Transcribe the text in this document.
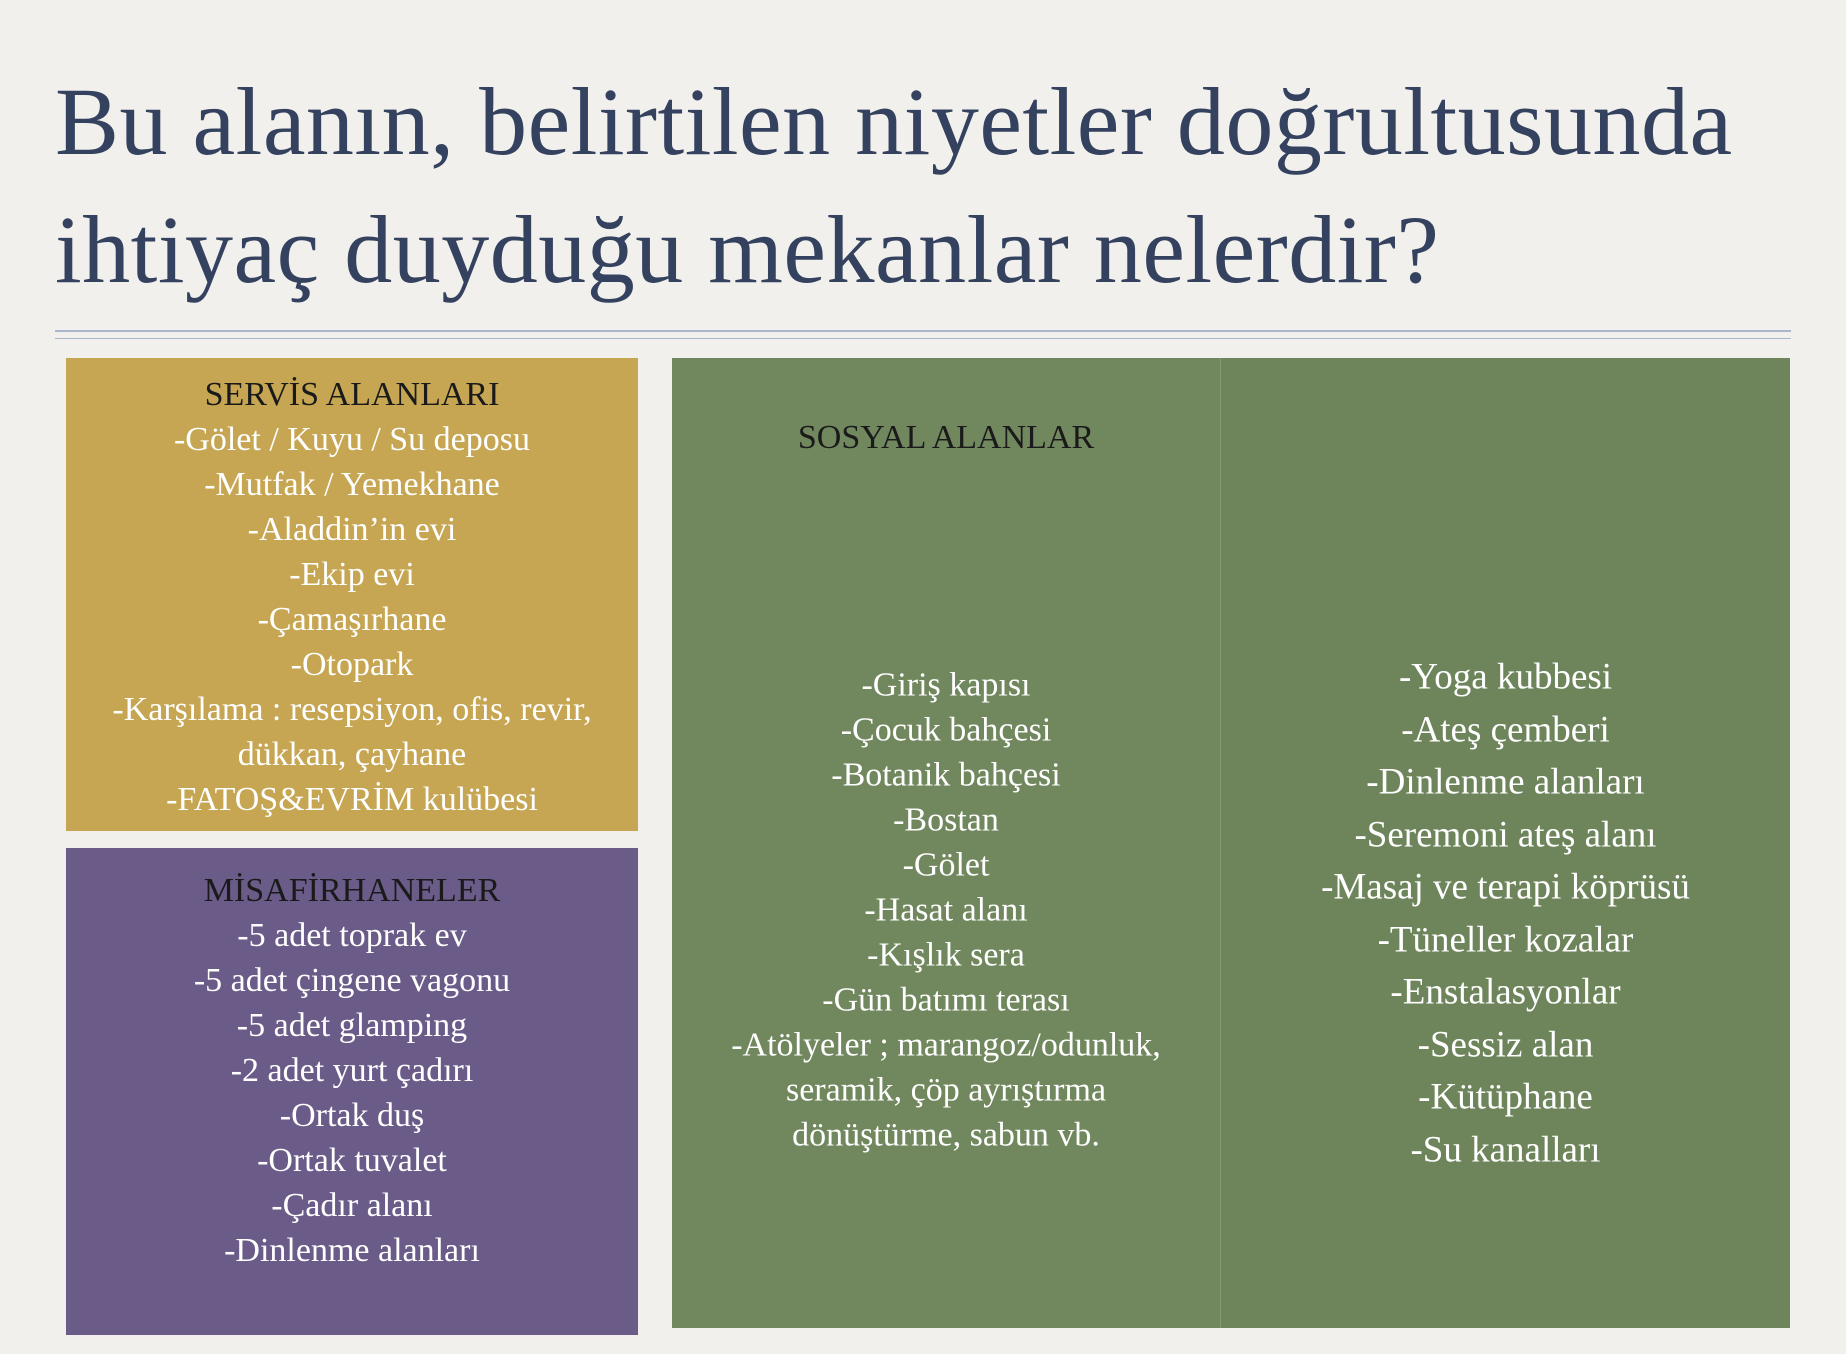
Bu alanın, belirtilen niyetler doğrultusunda ihtiyaç duyduğu mekanlar nelerdir?
SERVİS ALANLARI
-Gölet / Kuyu / Su deposu
-Mutfak / Yemekhane
-Aladdin’in evi
-Ekip evi
-Çamaşırhane
-Otopark
-Karşılama : resepsiyon, ofis, revir,
dükkan, çayhane
-FATOŞ&EVRİM kulübesi
MİSAFİRHANELER
-5 adet toprak ev
-5 adet çingene vagonu
-5 adet glamping
-2 adet yurt çadırı
-Ortak duş
-Ortak tuvalet
-Çadır alanı
-Dinlenme alanları
SOSYAL ALANLAR
-Giriş kapısı
-Çocuk bahçesi
-Botanik bahçesi
-Bostan
-Gölet
-Hasat alanı
-Kışlık sera
-Gün batımı terası
-Atölyeler ; marangoz/odunluk,
seramik, çöp ayrıştırma
dönüştürme, sabun vb.
-Yoga kubbesi
-Ateş çemberi
-Dinlenme alanları
-Seremoni ateş alanı
-Masaj ve terapi köprüsü
-Tüneller kozalar
-Enstalasyonlar
-Sessiz alan
-Kütüphane
-Su kanalları
